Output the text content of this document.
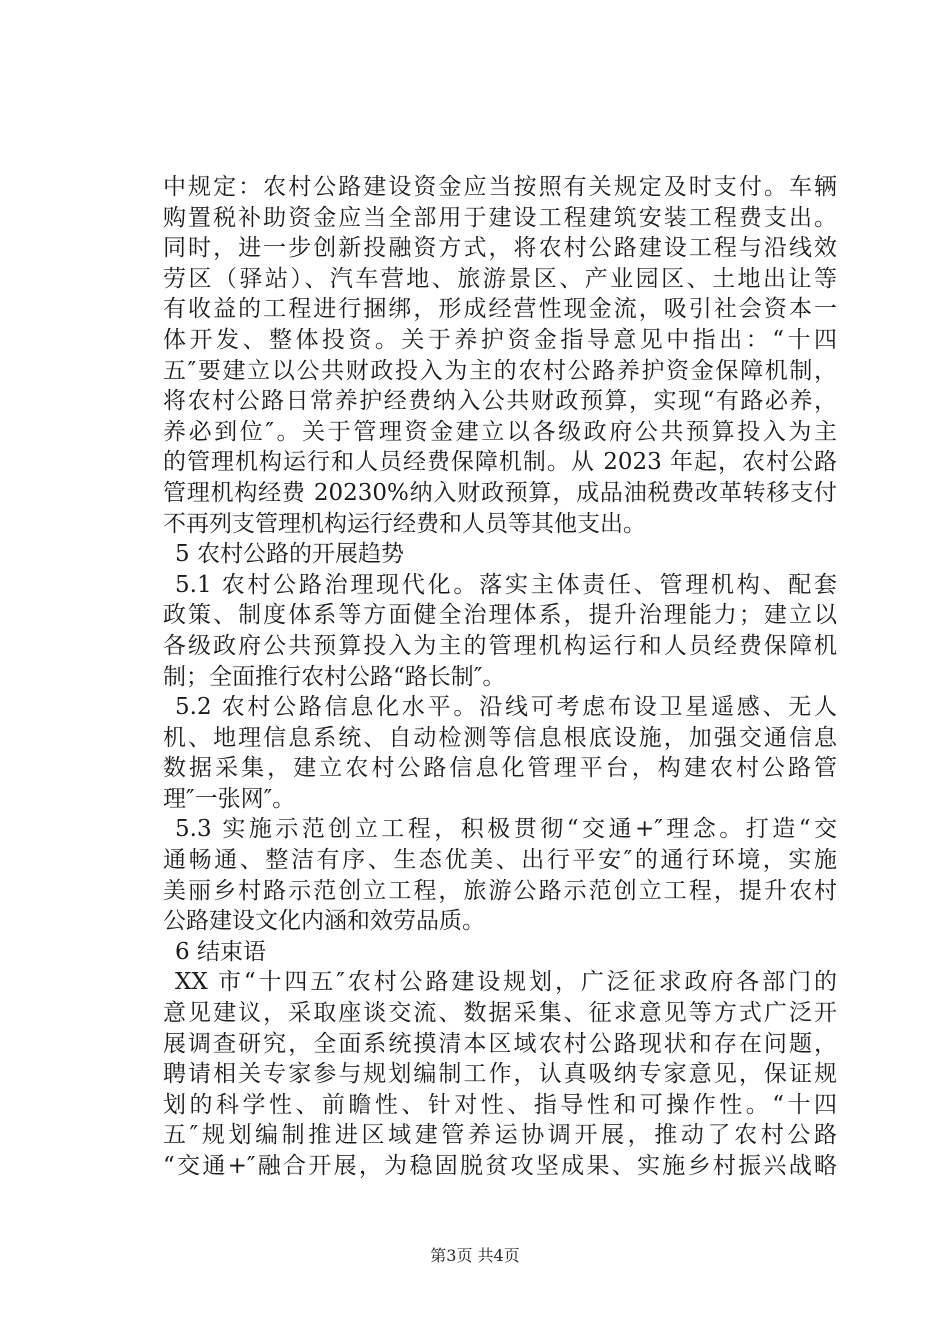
中规定：农村公路建设资金应当按照有关规定及时支付。车辆
购置税补助资金应当全部用于建设工程建筑安装工程费支出。
同时，进一步创新投融资方式，将农村公路建设工程与沿线效
劳区（驿站）、汽车营地、旅游景区、产业园区、土地出让等
有收益的工程进行捆绑，形成经营性现金流，吸引社会资本一
体开发、整体投资。关于养护资金指导意见中指出：“十四
五″要建立以公共财政投入为主的农村公路养护资金保障机制，
将农村公路日常养护经费纳入公共财政预算，实现“有路必养，
养必到位″。关于管理资金建立以各级政府公共预算投入为主
的管理机构运行和人员经费保障机制。从 2023 年起，农村公路
管理机构经费 20230%纳入财政预算，成品油税费改革转移支付
不再列支管理机构运行经费和人员等其他支出。
5 农村公路的开展趋势
5.1 农村公路治理现代化。落实主体责任、管理机构、配套
政策、制度体系等方面健全治理体系，提升治理能力；建立以
各级政府公共预算投入为主的管理机构运行和人员经费保障机
制；全面推行农村公路“路长制″。
5.2 农村公路信息化水平。沿线可考虑布设卫星遥感、无人
机、地理信息系统、自动检测等信息根底设施，加强交通信息
数据采集，建立农村公路信息化管理平台，构建农村公路管
理″一张网″。
5.3 实施示范创立工程，积极贯彻“交通+″理念。打造“交
通畅通、整洁有序、生态优美、出行平安″的通行环境，实施
美丽乡村路示范创立工程，旅游公路示范创立工程，提升农村
公路建设文化内涵和效劳品质。
6 结束语
XX 市“十四五″农村公路建设规划，广泛征求政府各部门的
意见建议，采取座谈交流、数据采集、征求意见等方式广泛开
展调查研究，全面系统摸清本区域农村公路现状和存在问题，
聘请相关专家参与规划编制工作，认真吸纳专家意见，保证规
划的科学性、前瞻性、针对性、指导性和可操作性。“十四
五″规划编制推进区域建管养运协调开展，推动了农村公路
“交通+″融合开展，为稳固脱贫攻坚成果、实施乡村振兴战略
第3页 共4页
